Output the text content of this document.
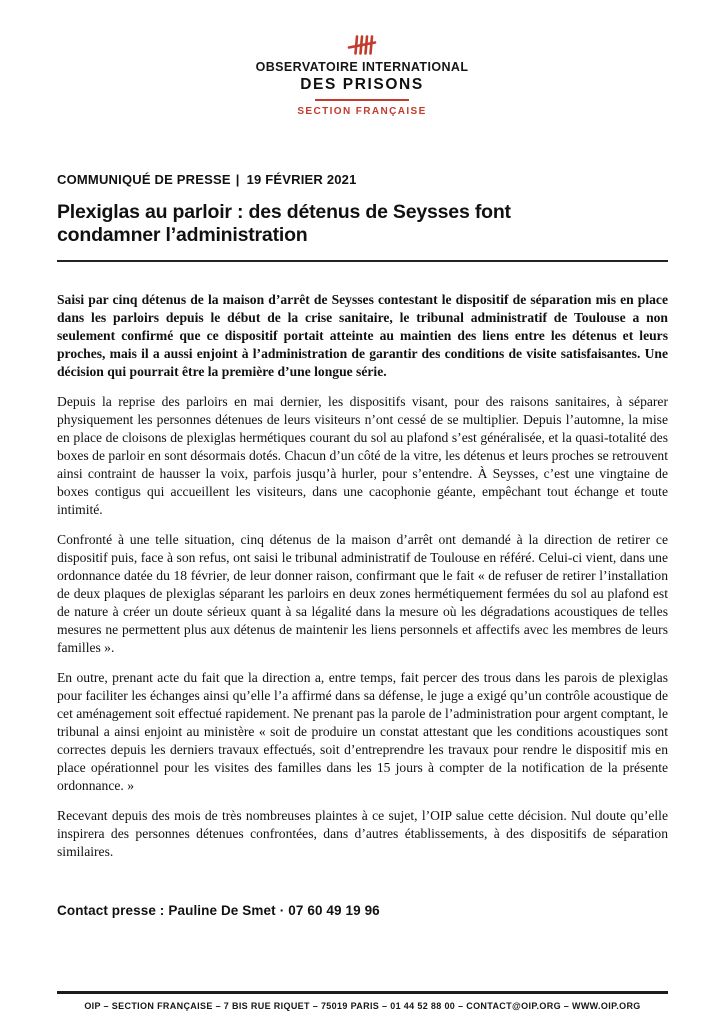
OBSERVATOIRE INTERNATIONAL
DES PRISONS
SECTION FRANÇAISE
COMMUNIQUÉ DE PRESSE | 19 FÉVRIER 2021
Plexiglas au parloir : des détenus de Seysses font condamner l’administration

Saisi par cinq détenus de la maison d’arrêt de Seysses contestant le dispositif de séparation mis en place dans les parloirs depuis le début de la crise sanitaire, le tribunal administratif de Toulouse a non seulement confirmé que ce dispositif portait atteinte au maintien des liens entre les détenus et leurs proches, mais il a aussi enjoint à l’administration de garantir des conditions de visite satisfaisantes. Une décision qui pourrait être la première d’une longue série.

Depuis la reprise des parloirs en mai dernier, les dispositifs visant, pour des raisons sanitaires, à séparer physiquement les personnes détenues de leurs visiteurs n’ont cessé de se multiplier. Depuis l’automne, la mise en place de cloisons de plexiglas hermétiques courant du sol au plafond s’est généralisée, et la quasi-totalité des boxes de parloir en sont désormais dotés. Chacun d’un côté de la vitre, les détenus et leurs proches se retrouvent ainsi contraint de hausser la voix, parfois jusqu’à hurler, pour s’entendre. À Seysses, c’est une vingtaine de boxes contigus qui accueillent les visiteurs, dans une cacophonie géante, empêchant tout échange et toute intimité.

Confronté à une telle situation, cinq détenus de la maison d’arrêt ont demandé à la direction de retirer ce dispositif puis, face à son refus, ont saisi le tribunal administratif de Toulouse en référé. Celui-ci vient, dans une ordonnance datée du 18 février, de leur donner raison, confirmant que le fait « de refuser de retirer l’installation de deux plaques de plexiglas séparant les parloirs en deux zones hermétiquement fermées du sol au plafond est de nature à créer un doute sérieux quant à sa légalité dans la mesure où les dégradations acoustiques de telles mesures ne permettent plus aux détenus de maintenir les liens personnels et affectifs avec les membres de leurs familles ».

En outre, prenant acte du fait que la direction a, entre temps, fait percer des trous dans les parois de plexiglas pour faciliter les échanges ainsi qu’elle l’a affirmé dans sa défense, le juge a exigé qu’un contrôle acoustique de cet aménagement soit effectué rapidement. Ne prenant pas la parole de l’administration pour argent comptant, le tribunal a ainsi enjoint au ministère « soit de produire un constat attestant que les conditions acoustiques sont correctes depuis les derniers travaux effectués, soit d’entreprendre les travaux pour rendre le dispositif mis en place opérationnel pour les visites des familles dans les 15 jours à compter de la notification de la présente ordonnance. »

Recevant depuis des mois de très nombreuses plaintes à ce sujet, l’OIP salue cette décision. Nul doute qu’elle inspirera des personnes détenues confrontées, dans d’autres établissements, à des dispositifs de séparation similaires.

Contact presse : Pauline De Smet · 07 60 49 19 96

OIP – SECTION FRANÇAISE – 7 BIS RUE RIQUET – 75019 PARIS – 01 44 52 88 00 – CONTACT@OIP.ORG – WWW.OIP.ORG
